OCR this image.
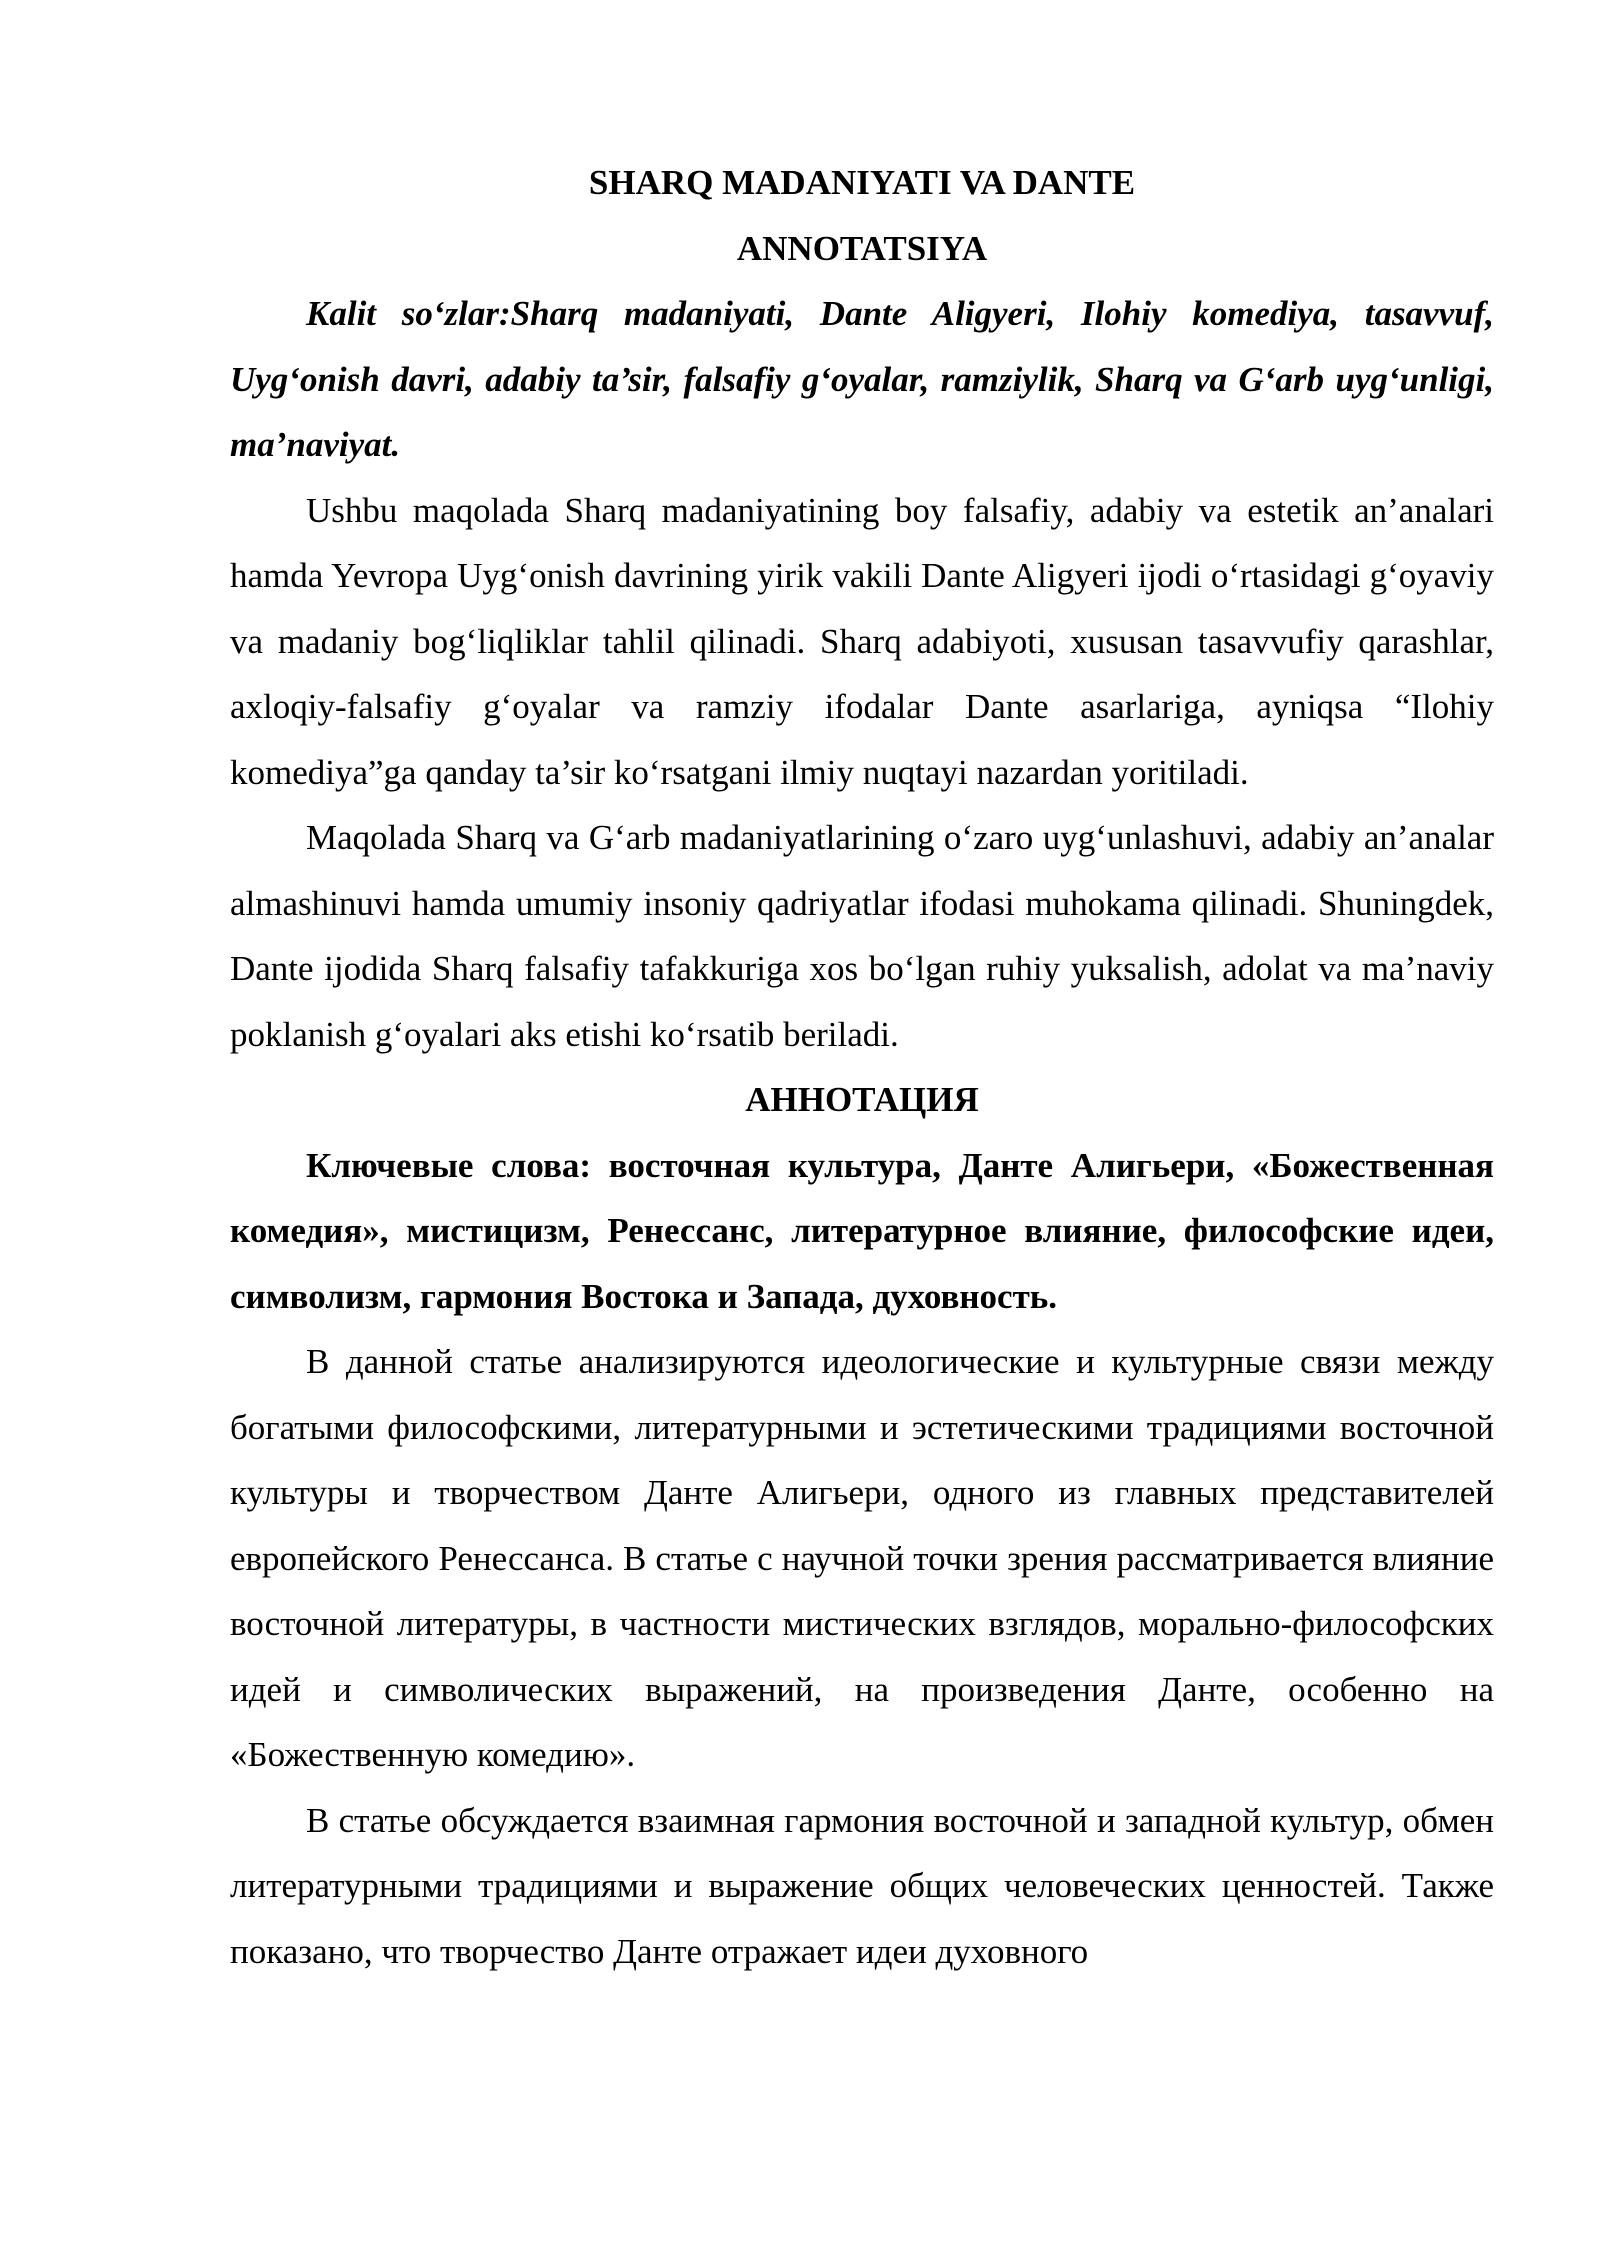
SHARQ MADANIYATI VA DANTE

ANNOTATSIYA

Kalit so‘zlar:Sharq madaniyati, Dante Aligyeri, Ilohiy komediya, tasavvuf, Uyg‘onish davri, adabiy ta’sir, falsafiy g‘oyalar, ramziylik, Sharq va G‘arb uyg‘unligi, ma’naviyat.

Ushbu maqolada Sharq madaniyatining boy falsafiy, adabiy va estetik an’analari hamda Yevropa Uyg‘onish davrining yirik vakili Dante Aligyeri ijodi o‘rtasidagi g‘oyaviy va madaniy bog‘liqliklar tahlil qilinadi. Sharq adabiyoti, xususan tasavvufiy qarashlar, axloqiy-falsafiy g‘oyalar va ramziy ifodalar Dante asarlariga, ayniqsa “Ilohiy komediya”ga qanday ta’sir ko‘rsatgani ilmiy nuqtayi nazardan yoritiladi.

Maqolada Sharq va G‘arb madaniyatlarining o‘zaro uyg‘unlashuvi, adabiy an’analar almashinuvi hamda umumiy insoniy qadriyatlar ifodasi muhokama qilinadi. Shuningdek, Dante ijodida Sharq falsafiy tafakkuriga xos bo‘lgan ruhiy yuksalish, adolat va ma’naviy poklanish g‘oyalari aks etishi ko‘rsatib beriladi.

АННОТАЦИЯ

Ключевые слова: восточная культура, Данте Алигьери, «Божественная комедия», мистицизм, Ренессанс, литературное влияние, философские идеи, символизм, гармония Востока и Запада, духовность.

В данной статье анализируются идеологические и культурные связи между богатыми философскими, литературными и эстетическими традициями восточной культуры и творчеством Данте Алигьери, одного из главных представителей европейского Ренессанса. В статье с научной точки зрения рассматривается влияние восточной литературы, в частности мистических взглядов, морально-философских идей и символических выражений, на произведения Данте, особенно на «Божественную комедию».

В статье обсуждается взаимная гармония восточной и западной культур, обмен литературными традициями и выражение общих человеческих ценностей. Также показано, что творчество Данте отражает идеи духовного
